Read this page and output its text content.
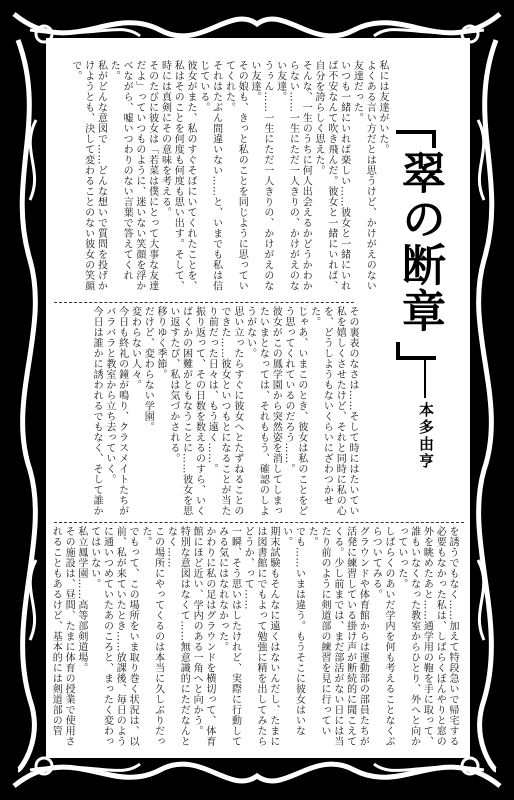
私には友達がいた。

よくある言い方だとは思うけど、かけがえのない友達だった。

いつも一緒にいれば楽しい……彼女と一緒にいれば不安なんて吹き飛んだ。彼女と一緒にいれば、自分を誇らしく思えた。

そんな、一生のうちに何人出会えるかどうかわからない……一生にただ一人きりの、かけがえのない友達。

うぅん……一生にただ一人きりの、かけがえのない友達。

その娘も、きっと私のことを同じように思っていてくれた。

それはたぶん間違いない……と、いまでも私は信じている。

彼女がまた、私のすぐそばにいてくれたことを、私はそのことを何度も何度も思い出す。そして、時には真剣にその意味を考える。

そのたびに彼女は「若菜は僕にとって大事な友達だよ」っていつものように、迷いない笑顔を浮かべながら、嘘いつわりのない言葉で答えてくれた。

私がどんな意図で……どんな想いで質問を投げかけようとも、決して変わることのない彼女の笑顔で。

その裏表のなさは……そして時にはたいてい私を嬉しくさせたけど、それと同時に私の心を、どうしようもないくらいにざわつかせた。

じゃあ、いまこのとき、彼女は私のことをどう思ってくれているのだろう……。

彼女がこの鳳学園から突然姿を消してしまったいまとなっては、それももう、確認のしようがない。

思い立ったらすぐに彼女へとたずねることのできた……彼女といつもとになることが当たり前だった日々は、もう遠く……。

振り返って、その日数を数えるのすら、いくばくかの困難がともなうことに……彼女を思い返すたび、私は気づかされる。

移りゆく季節。

だけど、変わらない学園。

変わらない人々。

今日も終礼の鐘が鳴り、クラスメイトたちがバラバラと教室から立ち去っていく。

今日は誰かに誘われるでもなく、そして誰か

を誘うでもなく……加えて特段急いで帰宅する必要もなかった私は、しばらくぼんやりと窓の外を眺めたあと……通学用の鞄を手に取って、誰もいなくなった教室からひとり、外へと向かっていった。

しばらくのあいだ学内を何も考えることなくぶらついてみる。

グラウンドや体育館からは運動部の部員たちが活発に練習している掛け声が断続的に聞こえてくる。少し前までは、まだ部活がない日には当たり前のように剣道部の練習を見に行っていた。

でも……いまは違う。もうそこに彼女はいない。

期末試験もそんなに遠くはないんだし、たまには図書館にでもよって勉強に精を出してみたらどうか、って……

一瞬、そう思いはしたけれど、実際に行動してみる気にはなれなかった。

かわりに私の足はグラウンドを横切って、体育館にほど近い、学内のある一角へと向かう。

特別な意図はなくて……無意識的にただなんとなく……

この場所にやってくるのは本当に久しぶりだった。

でもって、この場所をいま取り巻く状況は、以前、私が来ていたとき……放課後、毎日のように通いつめていたあのころと、まったく変わってはいない。

私立鳳学園……高等部剣道場。

その施設は、昼間、たまに体育の授業で使用されることもあるけど、基本的には剣道部の管

翠の断章
本多由亨
